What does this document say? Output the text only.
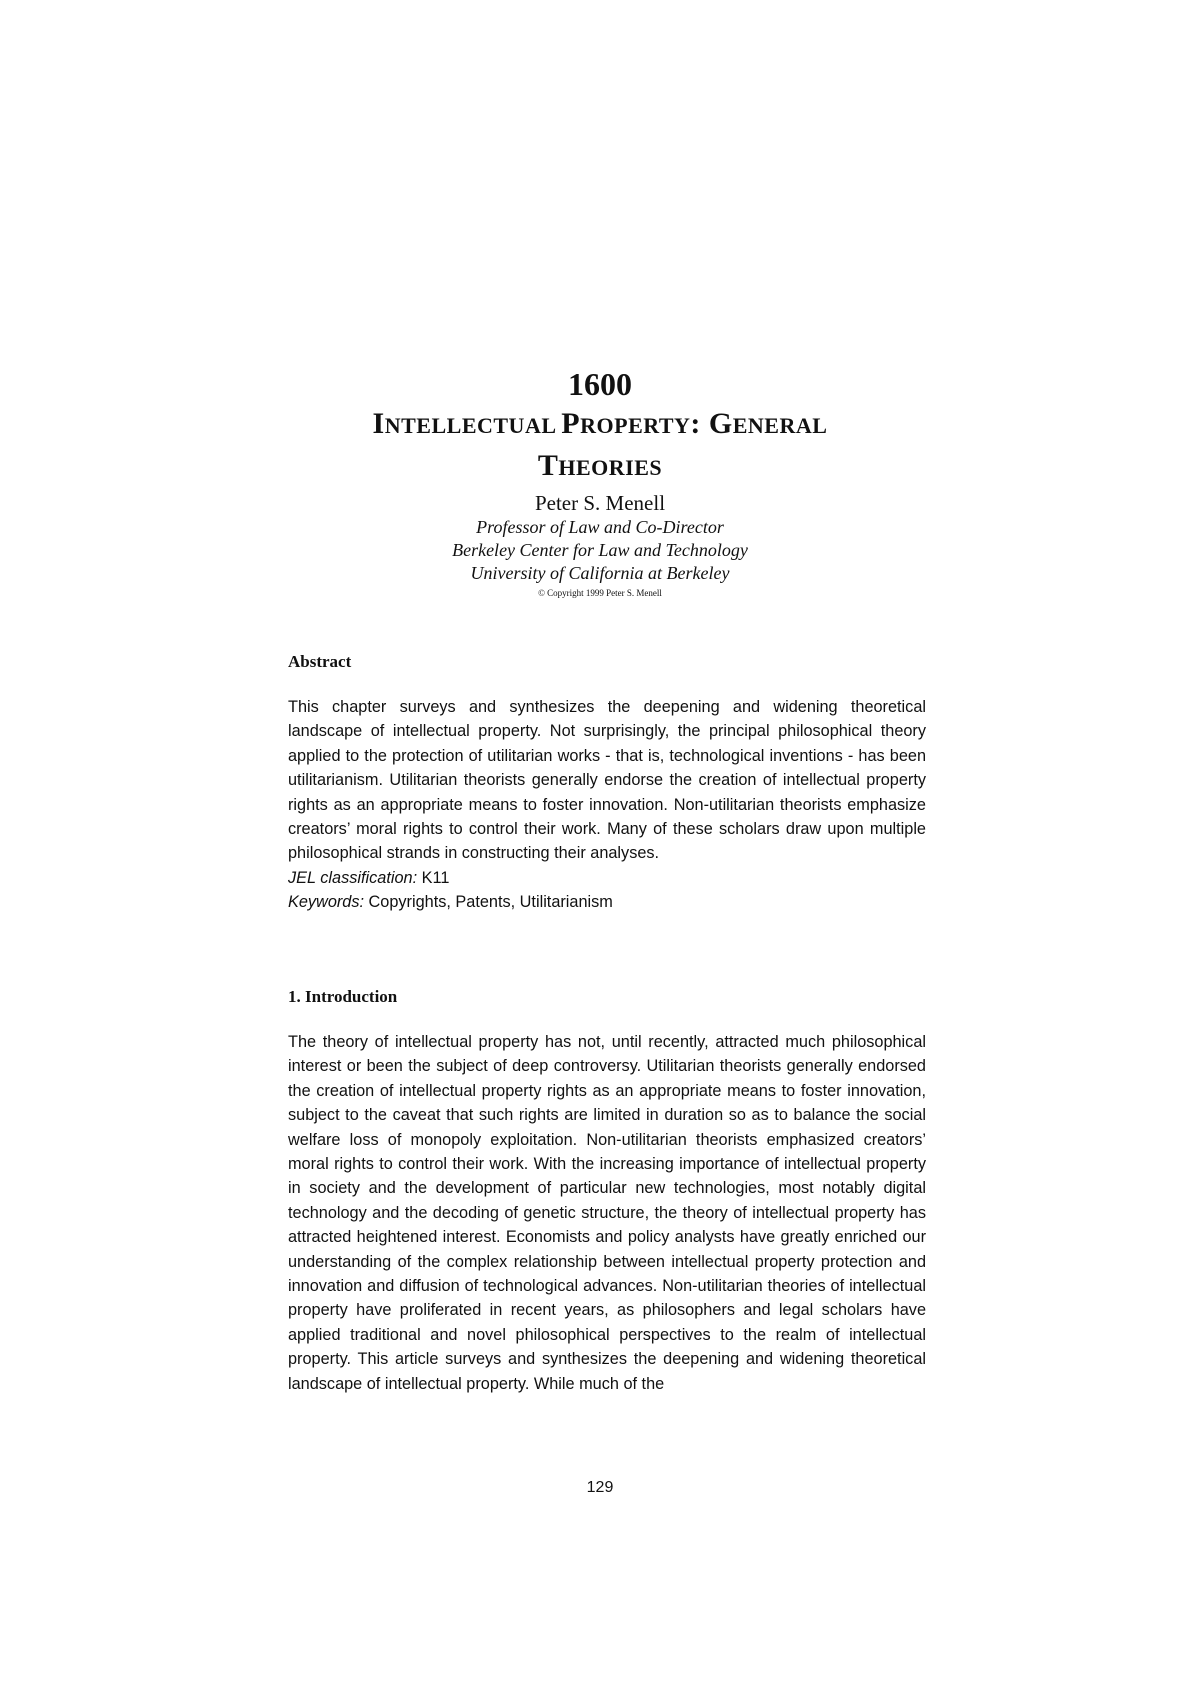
1600

INTELLECTUAL PROPERTY: GENERAL
THEORIES

Peter S. Menell

Professor of Law and Co-Director

Berkeley Center for Law and Technology

University of California at Berkeley

© Copyright 1999 Peter S. Menell

Abstract

This chapter surveys and synthesizes the deepening and widening theoretical landscape of intellectual property. Not surprisingly, the principal philosophical theory applied to the protection of utilitarian works - that is, technological inventions - has been utilitarianism. Utilitarian theorists generally endorse the creation of intellectual property rights as an appropriate means to foster innovation. Non-utilitarian theorists emphasize creators’ moral rights to control their work. Many of these scholars draw upon multiple philosophical strands in constructing their analyses.

JEL classification: K11

Keywords: Copyrights, Patents, Utilitarianism

1. Introduction

The theory of intellectual property has not, until recently, attracted much philosophical interest or been the subject of deep controversy. Utilitarian theorists generally endorsed the creation of intellectual property rights as an appropriate means to foster innovation, subject to the caveat that such rights are limited in duration so as to balance the social welfare loss of monopoly exploitation. Non-utilitarian theorists emphasized creators’ moral rights to control their work. With the increasing importance of intellectual property in society and the development of particular new technologies, most notably digital technology and the decoding of genetic structure, the theory of intellectual property has attracted heightened interest. Economists and policy analysts have greatly enriched our understanding of the complex relationship between intellectual property protection and innovation and diffusion of technological advances. Non-utilitarian theories of intellectual property have proliferated in recent years, as philosophers and legal scholars have applied traditional and novel philosophical perspectives to the realm of intellectual property. This article surveys and synthesizes the deepening and widening theoretical landscape of intellectual property. While much of the

129
